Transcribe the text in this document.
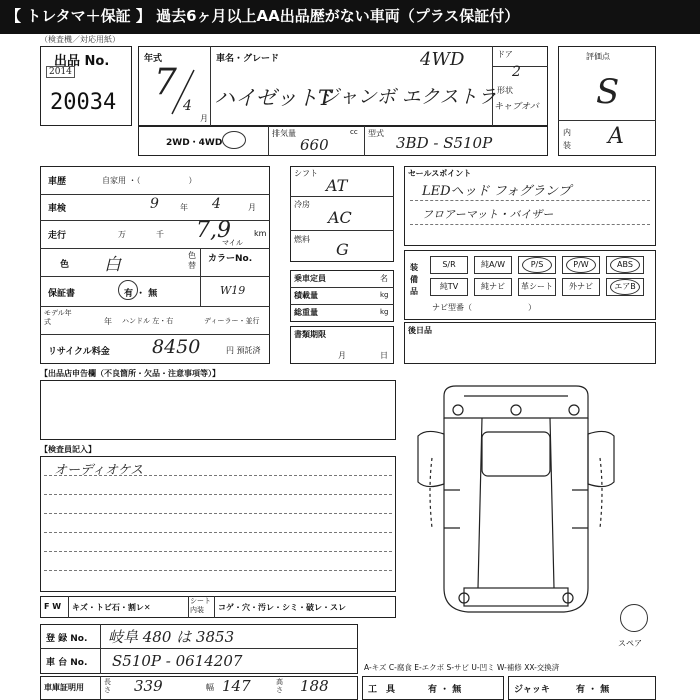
【 トレタマ＋保証 】 過去6ヶ月以上AA出品歴がない車両（プラス保証付）
（検査機／対応用紙）
出品 No.
2014
20034
年式
7
4
月
車名・グレード	4WD
ハイゼットT
ジャンボ エクストラ
ドア
2
形状
キャブオバ
評価点
S
内装 A
2WD・4WD
排気量	cc
660
型式
3BD - S510P
車歴	自家用 ・（　　　　　　）
車検	9	年 4	月
走行	万	千 7,9
マイル
km
色 白	色替
カラーNo.
W19
保証書	有 ・ 無
モデル年式	年 ハンドル 左・右	ディーラー・並行
リサイクル料金 8450	円 預託済
シフト
AT
冷房
AC
燃料
G
乗車定員	名
積載量	kg
総重量	kg
書類期限
月	日
セールスポイント
LEDヘッド フォグランプ
フロアーマット・バイザー
装備品
S/R	純A/W	P/S	P/W	ABS
純TV	純ナビ	革シート	外ナビ	エアB
ナビ型番（　　　　　　　）
後日品
【出品店申告欄（不良箇所・欠品・注意事項等）】
【検査員記入】
オーディオケス
スペア
F W キズ・トビ石・割レ✕
シート内装	コゲ・穴・汚レ・シミ・破レ・スレ
登 録 No. 岐阜 480 は 3853
車 台 No. S510P - 0614207	A-キズ C-腐食 E-エクボ S-サビ U-凹ミ W-補修 XX-交換済
車庫証明用
長さ 339	幅 147	高さ 188	工　具	有 ・ 無	ジャッキ	有 ・ 無
